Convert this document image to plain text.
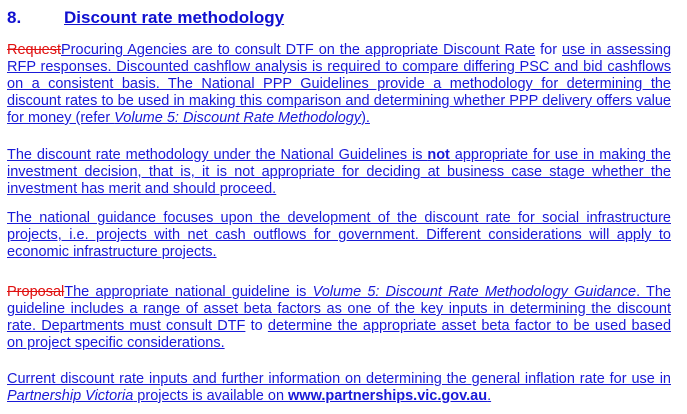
8.	Discount rate methodology
RequestProcuring Agencies are to consult DTF on the appropriate Discount Rate for use in assessing RFP responses. Discounted cashflow analysis is required to compare differing PSC and bid cashflows on a consistent basis. The National PPP Guidelines provide a methodology for determining the discount rates to be used in making this comparison and determining whether PPP delivery offers value for money (refer Volume 5: Discount Rate Methodology).
The discount rate methodology under the National Guidelines is not appropriate for use in making the investment decision, that is, it is not appropriate for deciding at business case stage whether the investment has merit and should proceed.
The national guidance focuses upon the development of the discount rate for social infrastructure projects, i.e. projects with net cash outflows for government. Different considerations will apply to economic infrastructure projects.
ProposalThe appropriate national guideline is Volume 5: Discount Rate Methodology Guidance. The guideline includes a range of asset beta factors as one of the key inputs in determining the discount rate. Departments must consult DTF to determine the appropriate asset beta factor to be used based on project specific considerations.
Current discount rate inputs and further information on determining the general inflation rate for use in Partnership Victoria projects is available on www.partnerships.vic.gov.au.
